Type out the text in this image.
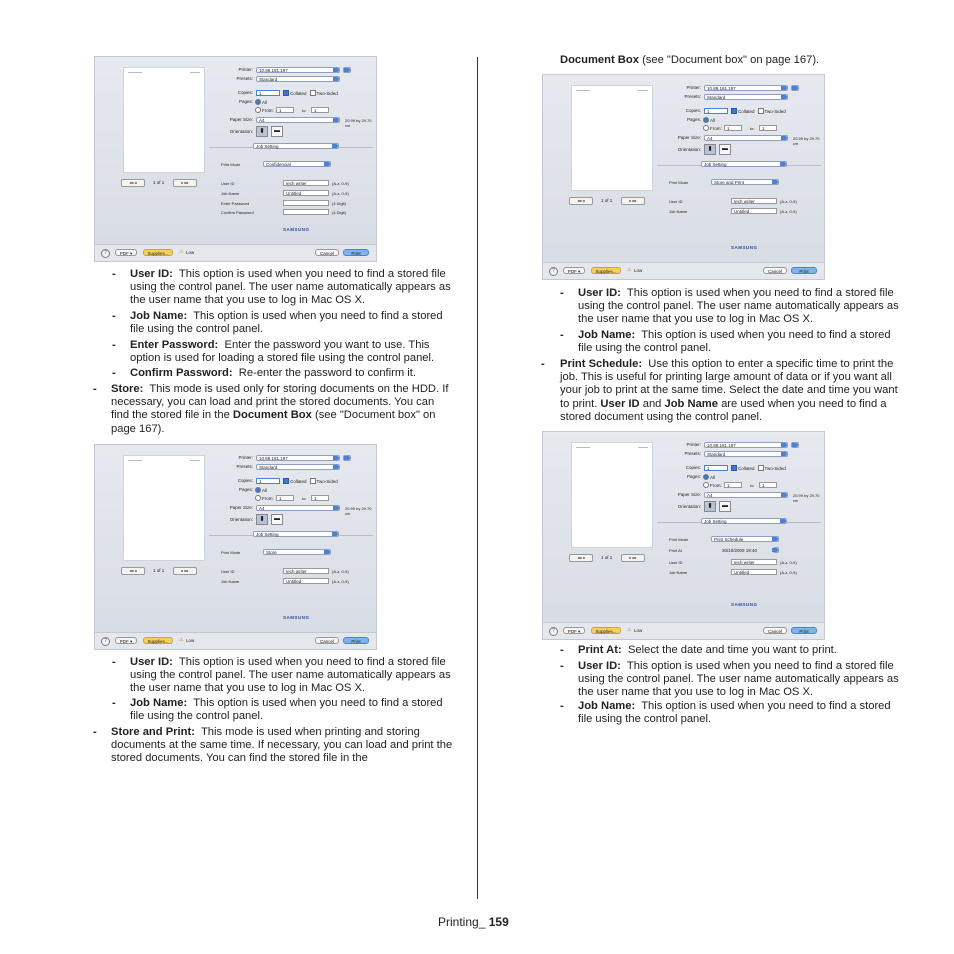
◂◂ ◂	1 of 1	▸ ▸▸
Printer:	10.88.181.197
Presets:	Standard
Copies:	1	Collated Two-Sided
Pages: All
From:	1	to:	1
Paper Size:	A4	20.99 by 29.70 cm
Orientation:	▮	▬
Job Setting
Print Mode	Confidencial
User ID	tech writer	(A-z, 0-9)
Job Name	Untitled	(A-z, 0-9)
Enter Password	(4 Digit)
Confirm Password	(4 Digit)
SAMSUNG
?	PDF ▾	Supplies...	⚠ Low	Cancel	Print
◂◂ ◂	1 of 1	▸ ▸▸
Printer:	10.88.181.197
Presets:	Standard
Copies:	1	Collated Two-Sided
Pages: All
From:	1	to:	1
Paper Size:	A4	20.99 by 29.70 cm
Orientation:	▮	▬
Job Setting
Print Mode	Store
User ID	tech writer	(A-z, 0-9)
Job Name	Untitled	(A-z, 0-9)
SAMSUNG
?	PDF ▾	Supplies...	⚠ Low	Cancel	Print
◂◂ ◂	1 of 1	▸ ▸▸
Printer:	10.88.181.197
Presets:	Standard
Copies:	1	Collated Two-Sided
Pages: All
From:	1	to:	1
Paper Size:	A4	20.99 by 29.70 cm
Orientation:	▮	▬
Job Setting
Print Mode	Store and Print
User ID	tech writer	(A-z, 0-9)
Job Name	Untitled	(A-z, 0-9)
SAMSUNG
?	PDF ▾	Supplies...	⚠ Low	Cancel	Print
◂◂ ◂	1 of 1	▸ ▸▸
Printer:	10.88.181.197
Presets:	Standard
Copies:	1	Collated Two-Sided
Pages: All
From:	1	to:	1
Paper Size:	A4	20.99 by 29.70 cm
Orientation:	▮	▬
Job Setting
Print Mode	Print Schedule
Print At	30/10/2009 19:40
User ID	tech writer	(A-z, 0-9)
Job Name	Untitled	(A-z, 0-9)
SAMSUNG
?	PDF ▾	Supplies...	⚠ Low	Cancel	Print
- User ID: This option is used when you need to find a stored file using the control panel. The user name automatically appears as the user name that you use to log in Mac OS X.
- Job Name: This option is used when you need to find a stored file using the control panel.
- Enter Password: Enter the password you want to use. This option is used for loading a stored file using the control panel.
- Confirm Password: Re-enter the password to confirm it.
- Store: This mode is used only for storing documents on the HDD. If necessary, you can load and print the stored documents. You can find the stored file in the Document Box (see "Document box" on page 167).
- User ID: This option is used when you need to find a stored file using the control panel. The user name automatically appears as the user name that you use to log in Mac OS X.
- Job Name: This option is used when you need to find a stored file using the control panel.
- Store and Print: This mode is used when printing and storing documents at the same time. If necessary, you can load and print the stored documents. You can find the stored file in the
Document Box (see "Document box" on page 167).
- User ID: This option is used when you need to find a stored file using the control panel. The user name automatically appears as the user name that you use to log in Mac OS X.
- Job Name: This option is used when you need to find a stored file using the control panel.
- Print Schedule: Use this option to enter a specific time to print the job. This is useful for printing large amount of data or if you want all your job to print at the same time. Select the date and time you want to print. User ID and Job Name are used when you need to find a stored document using the control panel.
- Print At: Select the date and time you want to print.
- User ID: This option is used when you need to find a stored file using the control panel. The user name automatically appears as the user name that you use to log in Mac OS X.
- Job Name: This option is used when you need to find a stored file using the control panel.
Printing_ 159
